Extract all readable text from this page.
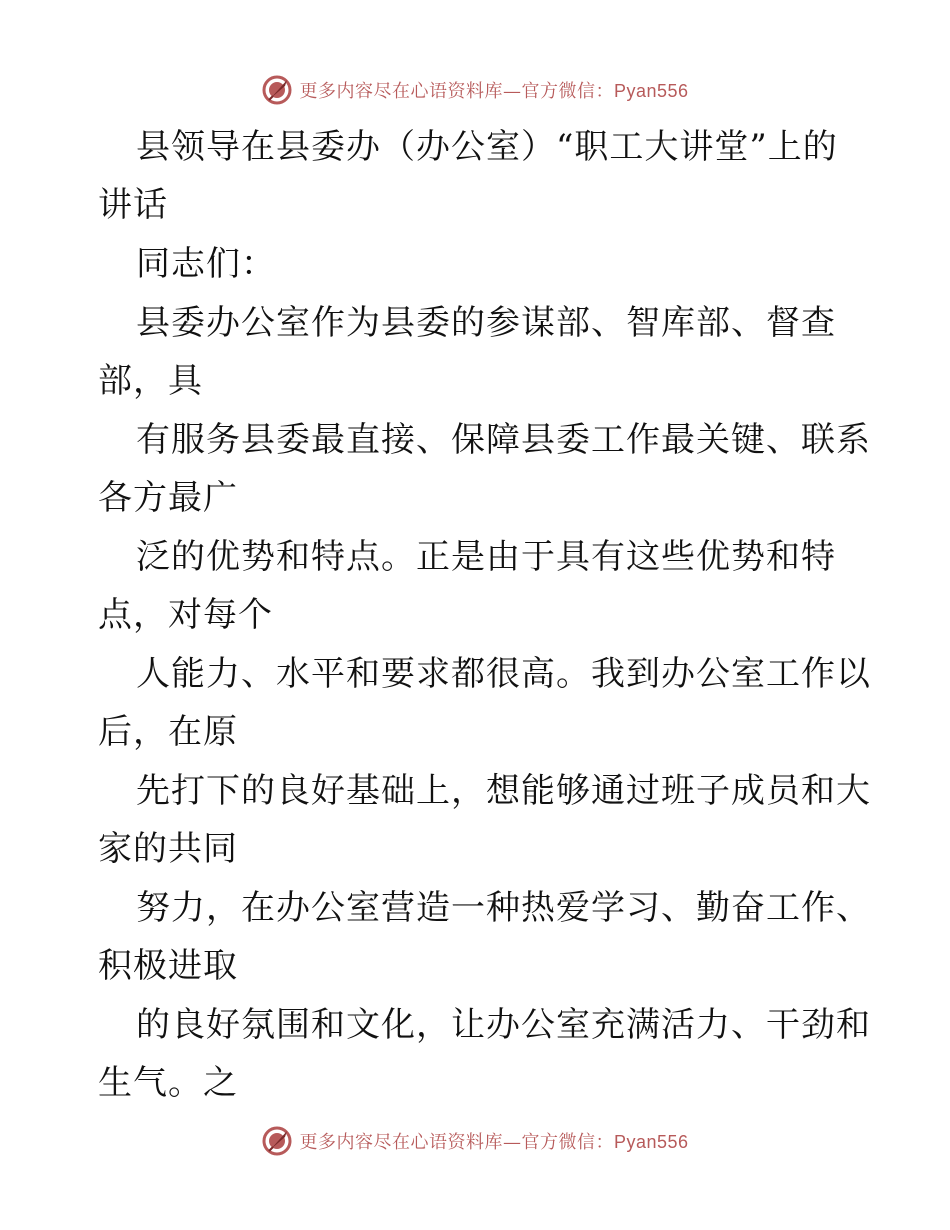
更多内容尽在心语资料库—官方微信：Pyan556
县领导在县委办（办公室）“职工大讲堂”上的
讲话
同志们：
县委办公室作为县委的参谋部、智库部、督查
部，具
有服务县委最直接、保障县委工作最关键、联系
各方最广
泛的优势和特点。正是由于具有这些优势和特
点，对每个
人能力、水平和要求都很高。我到办公室工作以
后，在原
先打下的良好基础上，想能够通过班子成员和大
家的共同
努力，在办公室营造一种热爱学习、勤奋工作、
积极进取
的良好氛围和文化，让办公室充满活力、干劲和
生气。之
更多内容尽在心语资料库—官方微信：Pyan556
